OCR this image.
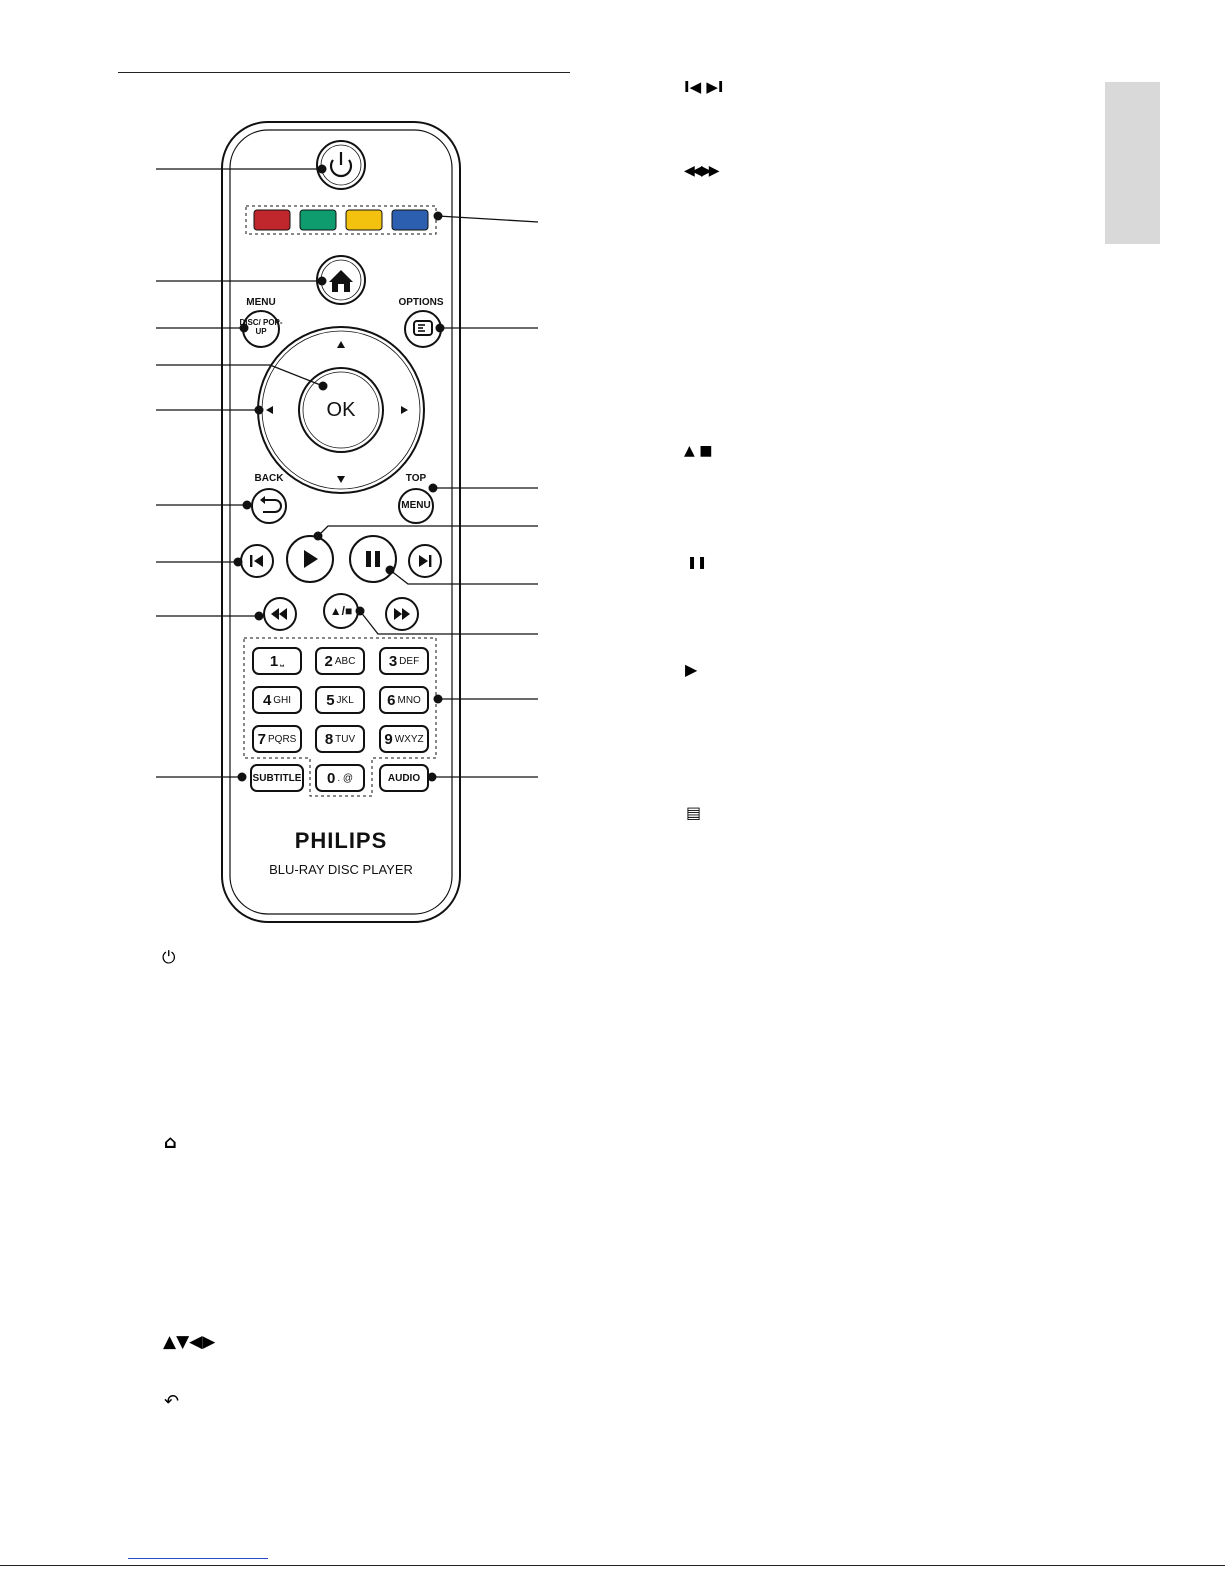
MENU
DISC/ POP-UP
OPTIONS
OK
BACK	TOP
MENU
▲/■
1 ⎵	2 ABC 3 DEF
4 GHI 5 JKL 6 MNO
7 PQRS 8 TUV 9 WXYZ
SUBTITLE 0 . @	AUDIO
PHILIPS
BLU-RAY DISC PLAYER
⏻
⌂
▲▼◀▶
↶
I◀ ▶I
◀◀ ▶▶
▲ ■
❚❚
▶
▤
